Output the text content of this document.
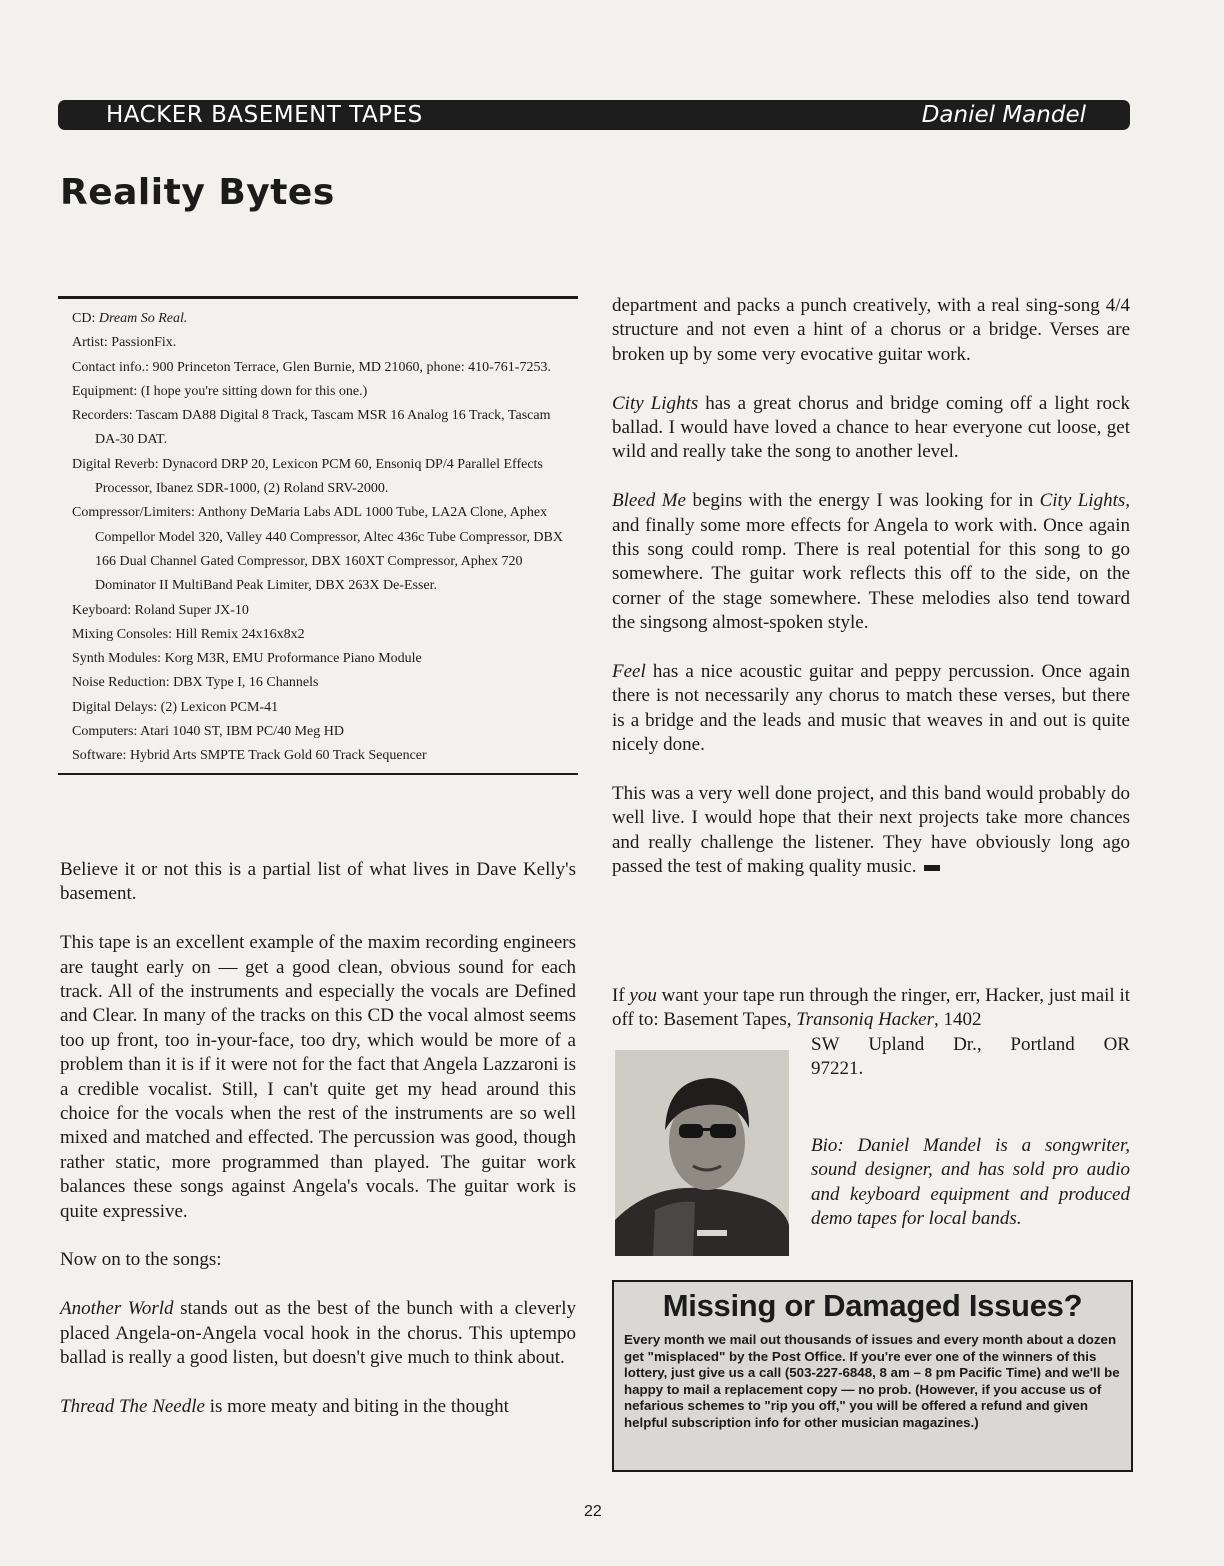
HACKER BASEMENT TAPES	Daniel Mandel
Reality Bytes
CD: Dream So Real.
Artist: PassionFix.
Contact info.: 900 Princeton Terrace, Glen Burnie, MD 21060, phone: 410-761-7253.
Equipment: (I hope you're sitting down for this one.)
Recorders: Tascam DA88 Digital 8 Track, Tascam MSR 16 Analog 16 Track, Tascam DA-30 DAT.
Digital Reverb: Dynacord DRP 20, Lexicon PCM 60, Ensoniq DP/4 Parallel Effects Processor, Ibanez SDR-1000, (2) Roland SRV-2000.
Compressor/Limiters: Anthony DeMaria Labs ADL 1000 Tube, LA2A Clone, Aphex Compellor Model 320, Valley 440 Compressor, Altec 436c Tube Compressor, DBX 166 Dual Channel Gated Compressor, DBX 160XT Compressor, Aphex 720 Dominator II MultiBand Peak Limiter, DBX 263X De-Esser.
Keyboard: Roland Super JX-10
Mixing Consoles: Hill Remix 24x16x8x2
Synth Modules: Korg M3R, EMU Proformance Piano Module
Noise Reduction: DBX Type I, 16 Channels
Digital Delays: (2) Lexicon PCM-41
Computers: Atari 1040 ST, IBM PC/40 Meg HD
Software: Hybrid Arts SMPTE Track Gold 60 Track Sequencer

Believe it or not this is a partial list of what lives in Dave Kelly's basement.

This tape is an excellent example of the maxim recording engineers are taught early on — get a good clean, obvious sound for each track. All of the instruments and especially the vocals are Defined and Clear. In many of the tracks on this CD the vocal almost seems too up front, too in-your-face, too dry, which would be more of a problem than it is if it were not for the fact that Angela Lazzaroni is a credible vocalist. Still, I can't quite get my head around this choice for the vocals when the rest of the instruments are so well mixed and matched and effected. The percussion was good, though rather static, more programmed than played. The guitar work balances these songs against Angela's vocals. The guitar work is quite expressive.

Now on to the songs:

Another World stands out as the best of the bunch with a cleverly placed Angela-on-Angela vocal hook in the chorus. This uptempo ballad is really a good listen, but doesn't give much to think about.

Thread The Needle is more meaty and biting in the thought

department and packs a punch creatively, with a real sing-song 4/4 structure and not even a hint of a chorus or a bridge. Verses are broken up by some very evocative guitar work.

City Lights has a great chorus and bridge coming off a light rock ballad. I would have loved a chance to hear everyone cut loose, get wild and really take the song to another level.

Bleed Me begins with the energy I was looking for in City Lights, and finally some more effects for Angela to work with. Once again this song could romp. There is real potential for this song to go somewhere. The guitar work reflects this off to the side, on the corner of the stage somewhere. These melodies also tend toward the singsong almost-spoken style.

Feel has a nice acoustic guitar and peppy percussion. Once again there is not necessarily any chorus to match these verses, but there is a bridge and the leads and music that weaves in and out is quite nicely done.

This was a very well done project, and this band would probably do well live. I would hope that their next projects take more chances and really challenge the listener. They have obviously long ago passed the test of making quality music.

If you want your tape run through the ringer, err, Hacker, just mail it off to: Basement Tapes, Transoniq Hacker, 1402
SW Upland Dr., Portland OR
97221.
Bio: Daniel Mandel is a songwriter, sound designer, and has sold pro audio and keyboard equipment and produced demo tapes for local bands.
Missing or Damaged Issues?
Every month we mail out thousands of issues and every month about a dozen get "misplaced" by the Post Office. If you're ever one of the winners of this lottery, just give us a call (503-227-6848, 8 am – 8 pm Pacific Time) and we'll be happy to mail a replacement copy — no prob. (However, if you accuse us of nefarious schemes to "rip you off," you will be offered a refund and given helpful subscription info for other musician magazines.)
22
